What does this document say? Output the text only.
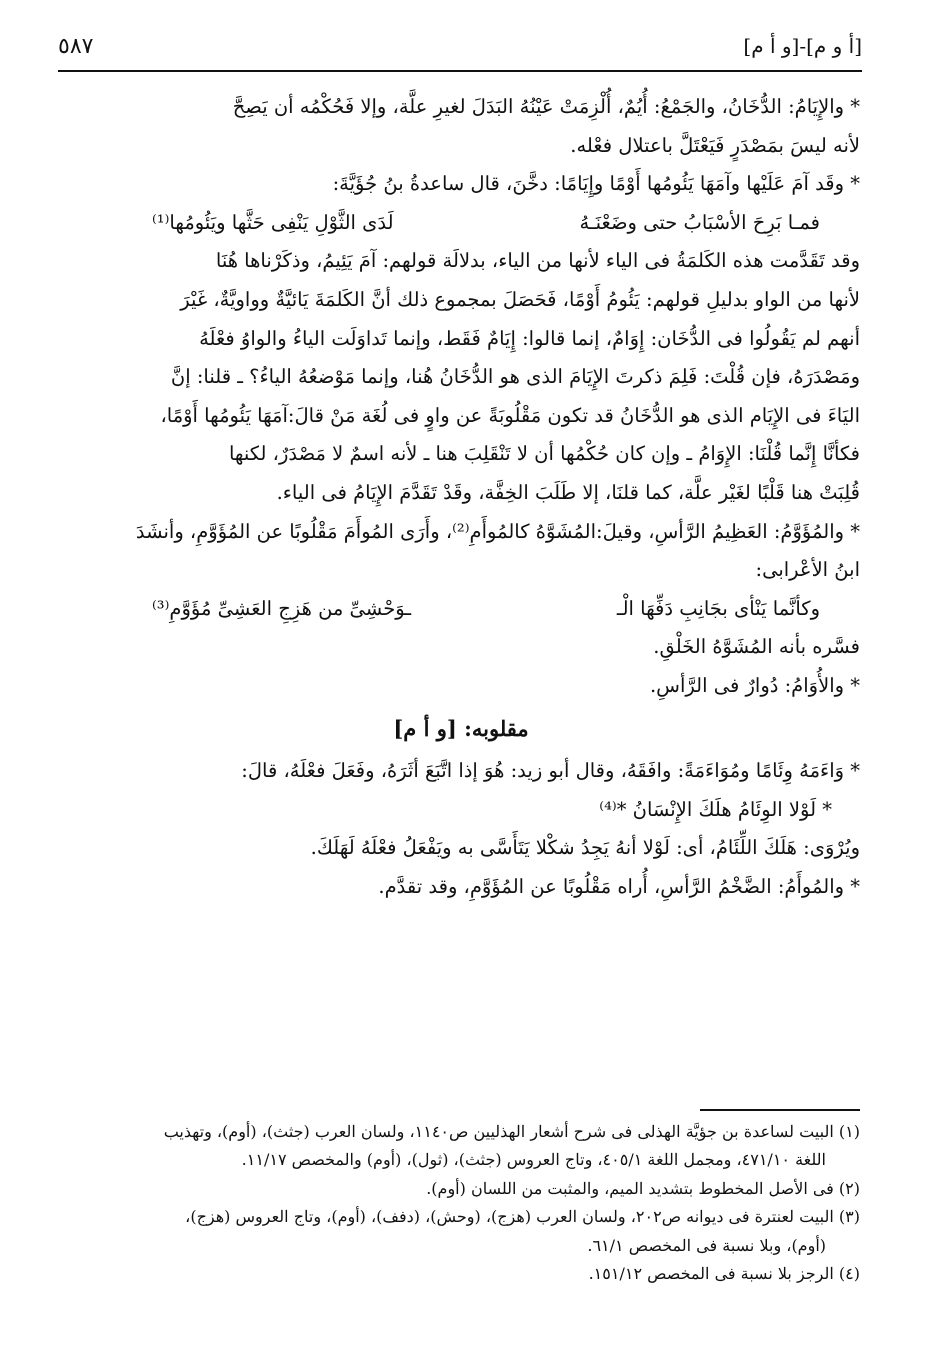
[أ و م]-[و أ م]
٥٨٧

* والإِيَامُ: الدُّخَانُ، والجَمْعُ: أُيُمٌ، أُلْزِمَتْ عَيْنُهُ البَدَلَ لغيرِ علَّة، وإلا فَحُكْمُه أن يَصِحَّ

لأنه ليسَ بمَصْدَرٍ فَيَعْتَلَّ باعتلال فعْله.

* وقَد آمَ عَلَيْها وآمَهَا يَئُومُها أَوْمًا وإِيَامًا: دخَّنَ، قال ساعدةُ بنُ جُؤَيَّةَ:

فمـا بَرِحَ الأسْبَابُ حتى وضَعْنَـهُ
لَدَى الثَّوْلِ يَنْفِى حَثَّها ويَئُومُها⁽¹⁾

وقد تَقَدَّمت هذه الكَلمَةُ فى الياء لأنها من الياء، بدلالَة قولهم: آمَ يَئِيمُ، وذكَرْناها هُنَا

لأنها من الواو بدليلِ قولهم: يَئُومُ أَوْمًا، فَحَصَلَ بمجموع ذلك أنَّ الكَلمَةَ يَائيَّةٌ وواويَّةٌ، غَيْرَ

أنهم لم يَقُولُوا فى الدُّخَان: إِوَامٌ، إنما قالوا: إِيَامٌ فَقَط، وإنما تَداوَلَت الياءُ والواوُ فعْلَهُ

ومَصْدَرَهُ، فإن قُلْتَ: فَلِمَ ذكرتَ الإِيَامَ الذى هو الدُّخَانُ هُنا، وإنما مَوْضعُهُ الياءُ؟ ـ قلنا: إنَّ

اليَاءَ فى الإِيَام الذى هو الدُّخَانُ قد تكون مَقْلُوبَةً عن واوٍ فى لُغَة مَنْ قالَ:آمَهَا يَئُومُها أَوْمًا،

فكأنَّا إِنَّما قُلْنَا: الإِوَامُ ـ وإن كان حُكْمُها أن لا تَنْقَلِبَ هنا ـ لأنه اسمٌ لا مَصْدَرٌ، لكنها

قُلِبَتْ هنا قَلْبًا لغَيْر علَّة، كما قلنَا، إلا طَلَبَ الخِفَّة، وقَدْ تَقَدَّمَ الإِيَامُ فى الياء.

* والمُؤَوَّمُ: العَظِيمُ الرَّأسِ، وقيلَ:المُشَوَّهُ كالمُوأَمِ⁽²⁾، وأَرَى المُوأَمَ مَقْلُوبًا عن المُؤَوَّمِ، وأنشَدَ

ابنُ الأعْرابى:

وكأنَّما يَنْأى بجَانِبِ دَفِّهَا الْـ
ـوَحْشِىِّ من هَزِجِ العَشِىِّ مُؤَوَّمِ⁽³⁾

فسَّره بأنه المُشَوَّهُ الخَلْقِ.

* والأُوَامُ: دُوارٌ فى الرَّأسِ.

مقلوبه: [و أ م]

* وَاءَمَهُ وِئَامًا ومُوَاءَمَةً: وافَقَهُ، وقال أبو زيد: هُوَ إذا اتَّبَعَ أثَرَهُ، وفَعَلَ فعْلَهُ، قالَ:

* لَوْلا الوِئَامُ هلَكَ الإِنْسَانُ *⁽⁴⁾

ويُرْوَى: هَلَكَ اللِّئَامُ، أى: لَوْلا أنهُ يَجِدُ شكْلا يَتَأَسَّى به ويَفْعَلُ فعْلَهُ لَهَلَكَ.

* والمُوأَمُ: الضَّخْمُ الرَّأسِ، أُراه مَقْلُوبًا عن المُؤَوَّمِ، وقد تقدَّم.

(١) البيت لساعدة بن جؤيَّة الهذلى فى شرح أشعار الهذليين ص١١٤٠، ولسان العرب (جثث)، (أوم)، وتهذيب

اللغة ٤٧١/١٠، ومجمل اللغة ٤٠٥/١، وتاج العروس (جثث)، (ثول)، (أوم) والمخصص ١١/١٧.

(٢) فى الأصل المخطوط بتشديد الميم، والمثبت من اللسان (أوم).

(٣) البيت لعنترة فى ديوانه ص٢٠٢، ولسان العرب (هزج)، (وحش)، (دفف)، (أوم)، وتاج العروس (هزج)،

(أوم)، وبلا نسبة فى المخصص ٦١/١.

(٤) الرجز بلا نسبة فى المخصص ١٥١/١٢.
